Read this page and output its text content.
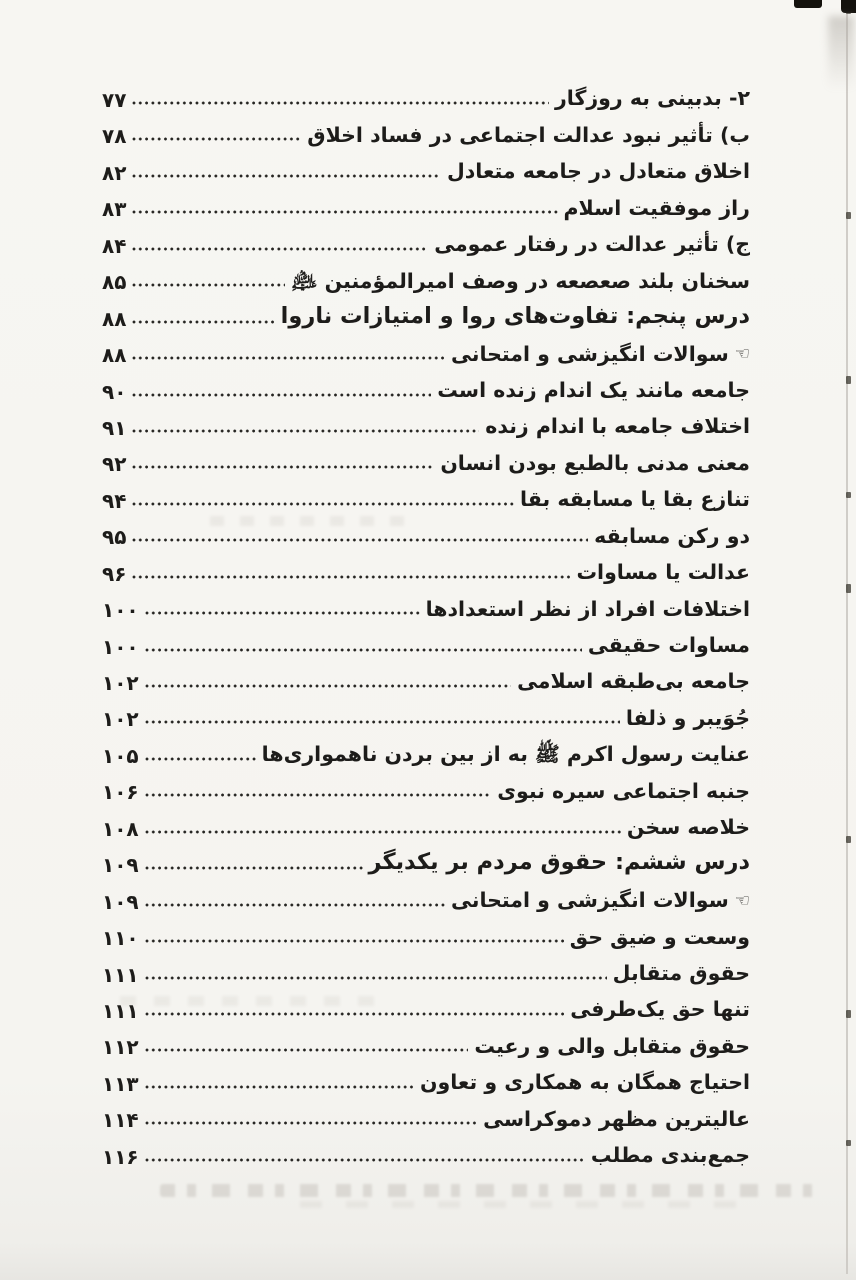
۲- بدبینی به روزگار
۷۷
ب) تأثیر نبود عدالت اجتماعی در فساد اخلاق
۷۸
اخلاق متعادل در جامعه متعادل
۸۲
راز موفقیت اسلام
۸۳
ج) تأثیر عدالت در رفتار عمومی
۸۴
سخنان بلند صعصعه در وصف امیرالمؤمنین ﵇
۸۵
درس پنجم: تفاوت‌های روا و امتیازات ناروا
۸۸
☜
سوالات انگیزشی و امتحانی
۸۸
جامعه مانند یک اندام زنده است
۹۰
اختلاف جامعه با اندام زنده
۹۱
معنی مدنی بالطبع بودن انسان
۹۲
تنازع بقا یا مسابقه بقا
۹۴
دو رکن مسابقه
۹۵
عدالت یا مساوات
۹۶
اختلافات افراد از نظر استعدادها
۱۰۰
مساوات حقیقی
۱۰۰
جامعه بی‌طبقه اسلامی
۱۰۲
جُوَیبر و ذلفا
۱۰۲
عنایت رسول اکرم ﷺ به از بین بردن ناهمواری‌ها
۱۰۵
جنبه اجتماعی سیره نبوی
۱۰۶
خلاصه سخن
۱۰۸
درس ششم: حقوق مردم بر یکدیگر
۱۰۹
☜
سوالات انگیزشی و امتحانی
۱۰۹
وسعت و ضیق حق
۱۱۰
حقوق متقابل
۱۱۱
تنها حق یک‌طرفی
۱۱۱
حقوق متقابل والی و رعیت
۱۱۲
احتیاج همگان به همکاری و تعاون
۱۱۳
عالیترین مظهر دموکراسی
۱۱۴
جمع‌بندی مطلب
۱۱۶
